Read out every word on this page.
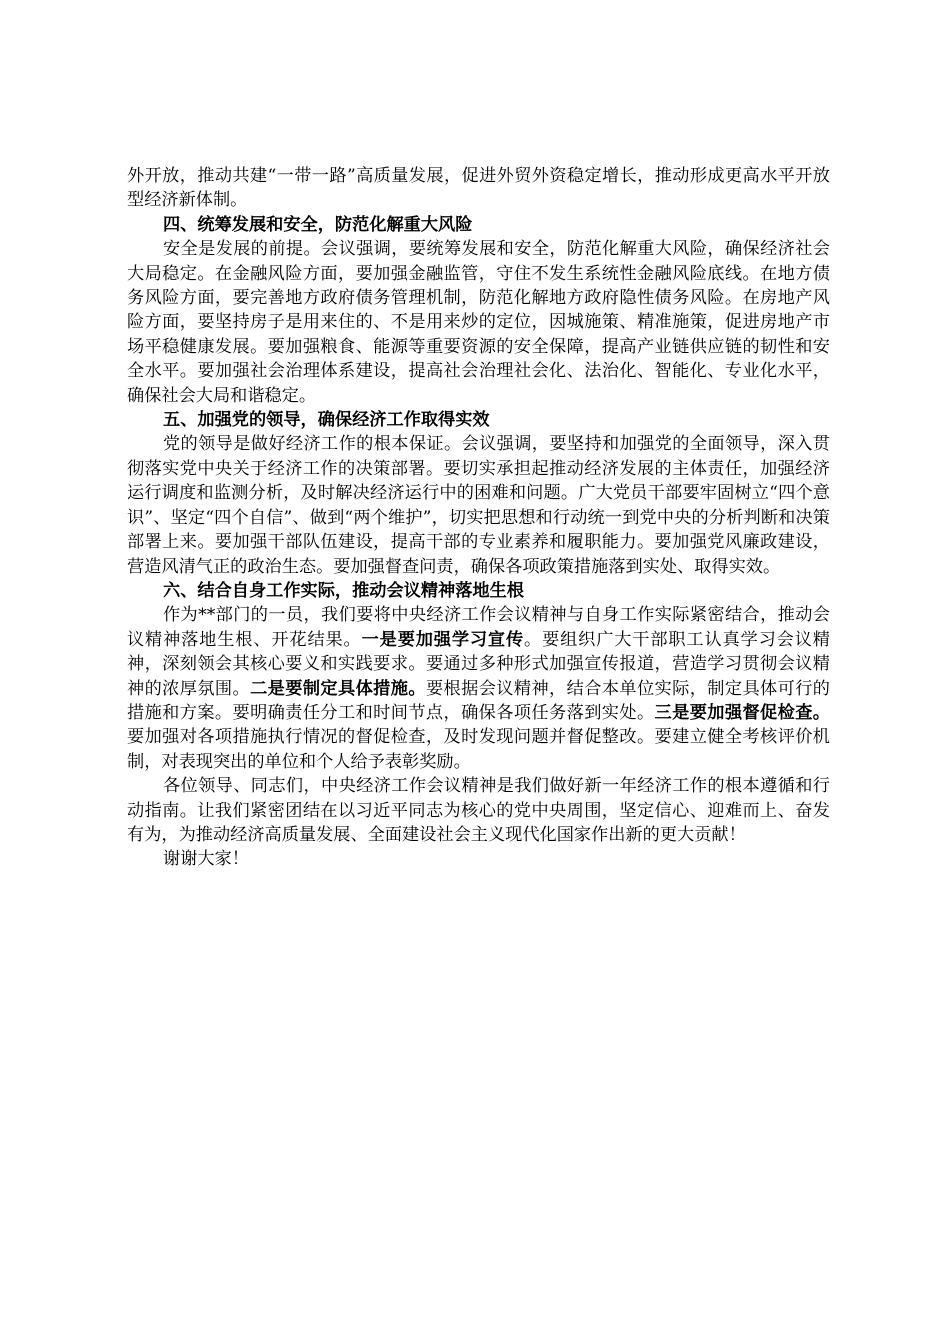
外开放，推动共建“一带一路”高质量发展，促进外贸外资稳定增长，推动形成更高水平开放型经济新体制。

四、统筹发展和安全，防范化解重大风险

安全是发展的前提。会议强调，要统筹发展和安全，防范化解重大风险，确保经济社会大局稳定。在金融风险方面，要加强金融监管，守住不发生系统性金融风险底线。在地方债务风险方面，要完善地方政府债务管理机制，防范化解地方政府隐性债务风险。在房地产风险方面，要坚持房子是用来住的、不是用来炒的定位，因城施策、精准施策，促进房地产市场平稳健康发展。要加强粮食、能源等重要资源的安全保障，提高产业链供应链的韧性和安全水平。要加强社会治理体系建设，提高社会治理社会化、法治化、智能化、专业化水平，确保社会大局和谐稳定。

五、加强党的领导，确保经济工作取得实效

党的领导是做好经济工作的根本保证。会议强调，要坚持和加强党的全面领导，深入贯彻落实党中央关于经济工作的决策部署。要切实承担起推动经济发展的主体责任，加强经济运行调度和监测分析，及时解决经济运行中的困难和问题。广大党员干部要牢固树立“四个意识”、坚定“四个自信”、做到“两个维护”，切实把思想和行动统一到党中央的分析判断和决策部署上来。要加强干部队伍建设，提高干部的专业素养和履职能力。要加强党风廉政建设，营造风清气正的政治生态。要加强督查问责，确保各项政策措施落到实处、取得实效。

六、结合自身工作实际，推动会议精神落地生根

作为**部门的一员，我们要将中央经济工作会议精神与自身工作实际紧密结合，推动会议精神落地生根、开花结果。一是要加强学习宣传。要组织广大干部职工认真学习会议精神，深刻领会其核心要义和实践要求。要通过多种形式加强宣传报道，营造学习贯彻会议精神的浓厚氛围。二是要制定具体措施。要根据会议精神，结合本单位实际，制定具体可行的措施和方案。要明确责任分工和时间节点，确保各项任务落到实处。三是要加强督促检查。要加强对各项措施执行情况的督促检查，及时发现问题并督促整改。要建立健全考核评价机制，对表现突出的单位和个人给予表彰奖励。

各位领导、同志们，中央经济工作会议精神是我们做好新一年经济工作的根本遵循和行动指南。让我们紧密团结在以习近平同志为核心的党中央周围，坚定信心、迎难而上、奋发有为，为推动经济高质量发展、全面建设社会主义现代化国家作出新的更大贡献！

谢谢大家！
